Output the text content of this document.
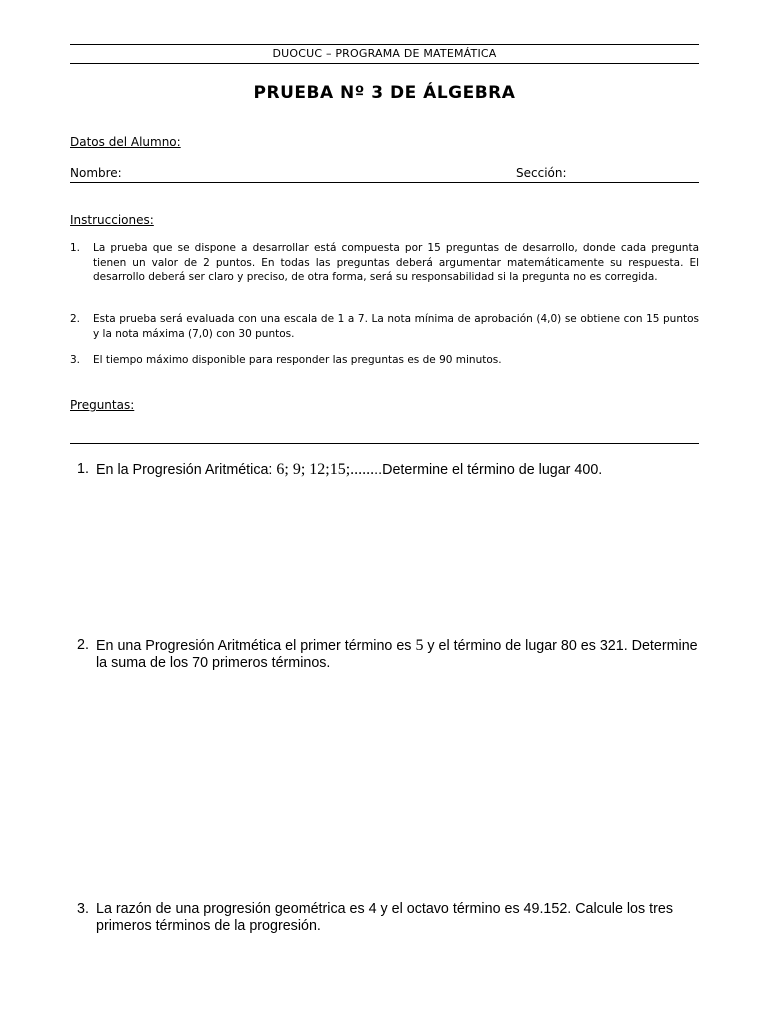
DUOCUC – PROGRAMA DE MATEMÁTICA
PRUEBA Nº 3 DE ÁLGEBRA
Datos del Alumno:
Nombre:	Sección:
Instrucciones:
1.	La prueba que se dispone a desarrollar está compuesta por 15 preguntas de desarrollo, donde cada pregunta tienen un valor de 2 puntos. En todas las preguntas deberá argumentar matemáticamente su respuesta. El desarrollo deberá ser claro y preciso, de otra forma, será su responsabilidad si la pregunta no es corregida.
2.	Esta prueba será evaluada con una escala de 1 a 7. La nota mínima de aprobación (4,0) se obtiene con 15 puntos y la nota máxima (7,0) con 30 puntos.
3.	El tiempo máximo disponible para responder las preguntas es de 90 minutos.
Preguntas:
1. En la Progresión Aritmética: 6; 9; 12;15;........Determine el término de lugar 400.
2. En una Progresión Aritmética el primer término es 5 y el término de lugar 80 es 321. Determine la suma de los 70 primeros términos.
3. La razón de una progresión geométrica es 4 y el octavo término es 49.152. Calcule los tres primeros términos de la progresión.
